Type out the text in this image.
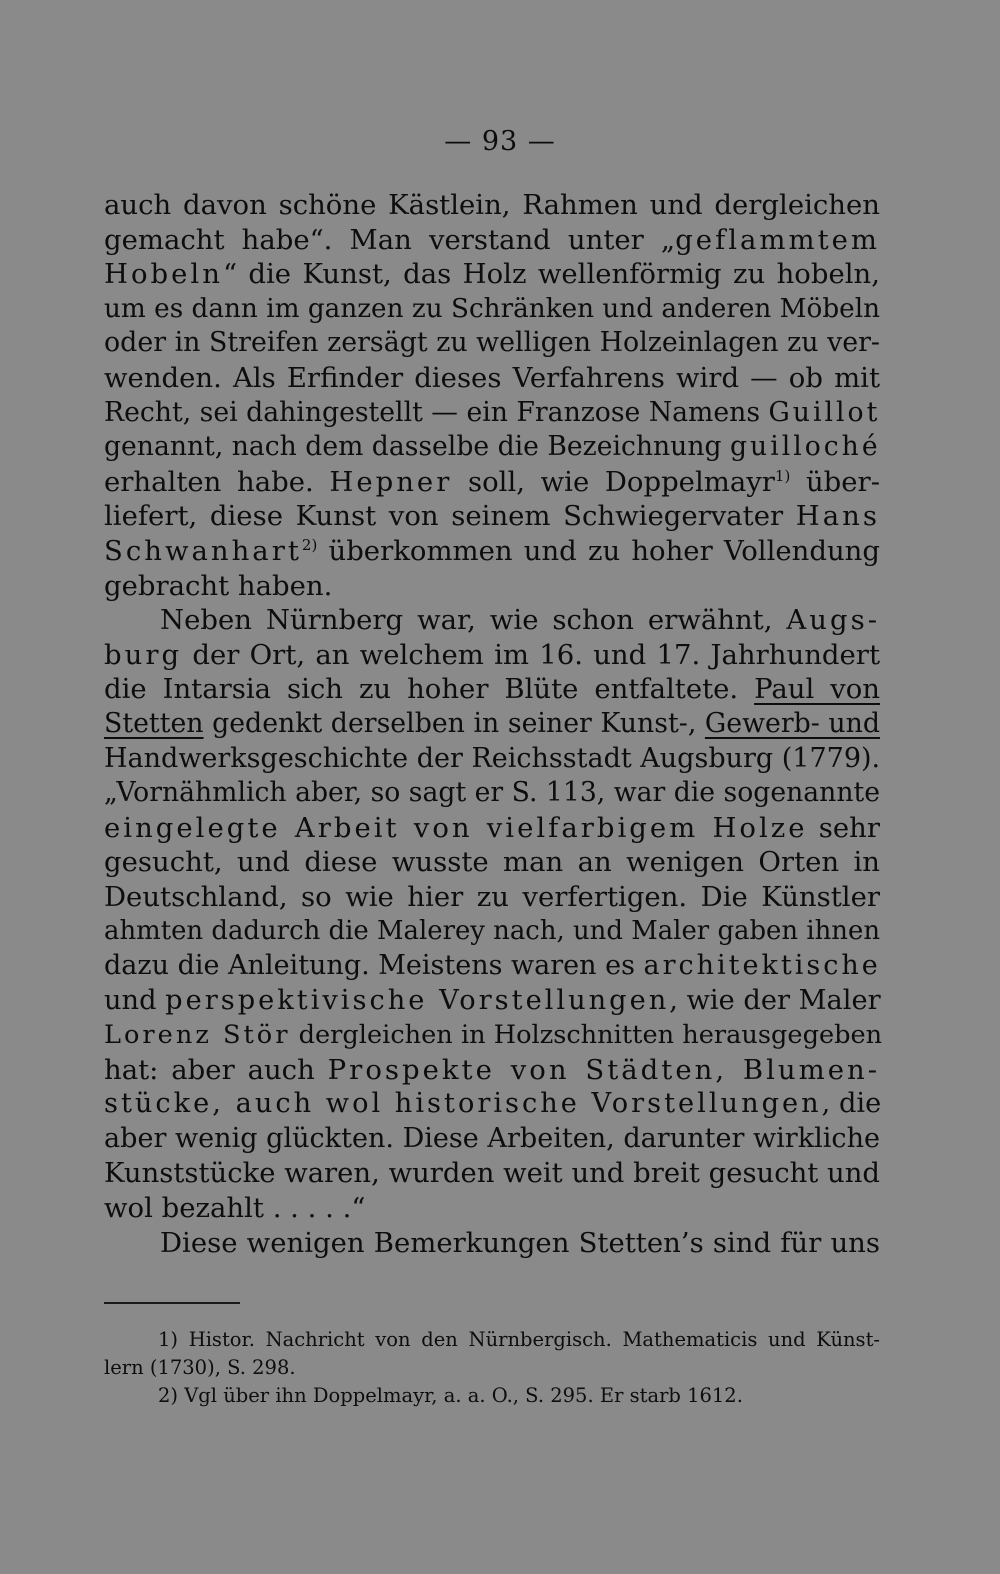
— 93 —
auch davon schöne Kästlein, Rahmen und dergleichen
gemacht habe“. Man verstand unter „geflammtem
Hobeln“ die Kunst, das Holz wellenförmig zu hobeln,
um es dann im ganzen zu Schränken und anderen Möbeln
oder in Streifen zersägt zu welligen Holzeinlagen zu ver-
wenden. Als Erfinder dieses Verfahrens wird — ob mit
Recht, sei dahingestellt — ein Franzose Namens Guillot
genannt, nach dem dasselbe die Bezeichnung guilloché
erhalten habe. Hepner soll, wie Doppelmayr$^{1)}$ über-
liefert, diese Kunst von seinem Schwiegervater Hans
Schwanhart$^{2)}$ überkommen und zu hoher Vollendung
gebracht haben.
Neben Nürnberg war, wie schon erwähnt, Augs-
burg der Ort, an welchem im 16. und 17. Jahrhundert
die Intarsia sich zu hoher Blüte entfaltete. Paul von
Stetten gedenkt derselben in seiner Kunst-, Gewerb- und
Handwerksgeschichte der Reichsstadt Augsburg (1779).
„Vornähmlich aber, so sagt er S. 113, war die sogenannte
eingelegte Arbeit von vielfarbigem Holze sehr
gesucht, und diese wusste man an wenigen Orten in
Deutschland, so wie hier zu verfertigen. Die Künstler
ahmten dadurch die Malerey nach, und Maler gaben ihnen
dazu die Anleitung. Meistens waren es architektische
und perspektivische Vorstellungen, wie der Maler
Lorenz Stör dergleichen in Holzschnitten herausgegeben
hat: aber auch Prospekte von Städten, Blumen-
stücke, auch wol historische Vorstellungen, die
aber wenig glückten. Diese Arbeiten, darunter wirkliche
Kunststücke waren, wurden weit und breit gesucht und
wol bezahlt . . . . .“
Diese wenigen Bemerkungen Stetten’s sind für uns
1) Histor. Nachricht von den Nürnbergisch. Mathematicis und Künst-
lern (1730), S. 298.
2) Vgl über ihn Doppelmayr, a. a. O., S. 295. Er starb 1612.
